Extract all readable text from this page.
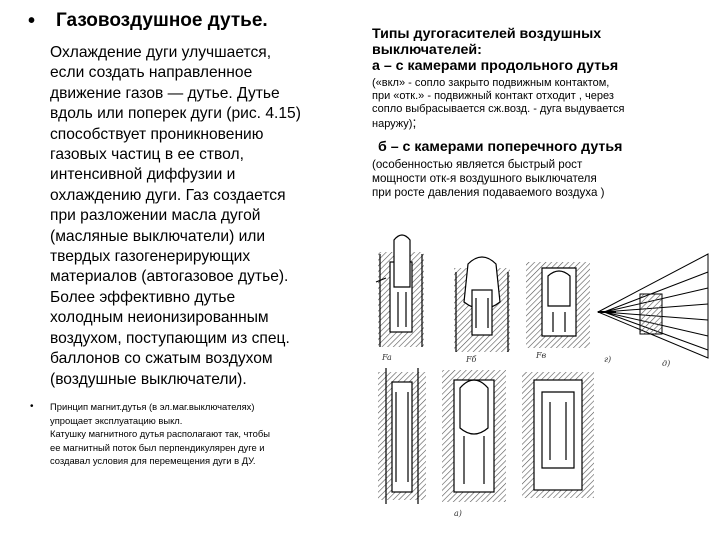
• Газовоздушное дутье.
Охлаждение дуги улучшается,
если создать направленное
движение газов — дутье. Дутье
вдоль или поперек дуги (рис. 4.15)
способствует проникновению
газовых частиц в ее ствол,
интенсивной диффузии и
охлаждению дуги. Газ создается
при разложении масла дугой
(масляные выключатели) или
твердых газогенерирующих
материалов (автогазовое дутье).
Более эффективно дутье
холодным неионизированным
воздухом, поступающим из спец.
баллонов со сжатым воздухом
(воздушные выключатели).
• Принцип магнит.дутья (в эл.маг.выключателях)
упрощает эксплуатацию выкл.
Катушку магнитного дутья располагают так, чтобы
ее магнитный поток был перпендикулярен дуге и
создавал условия для перемещения дуги в ДУ.
Типы дугогасителей воздушных
выключателей:
а – с камерами продольного дутья
(«вкл» - сопло закрыто подвижным контактом,
при «отк.» - подвижный контакт отходит , через
сопло выбрасывается сж.возд. - дуга выдувается
наружу);
б – с камерами поперечного дутья
(особенностью является быстрый рост
мощности отк-я воздушного выключателя
при росте давления подаваемого воздуха )
Fa	Fб	Fв	г)	д)
а)
